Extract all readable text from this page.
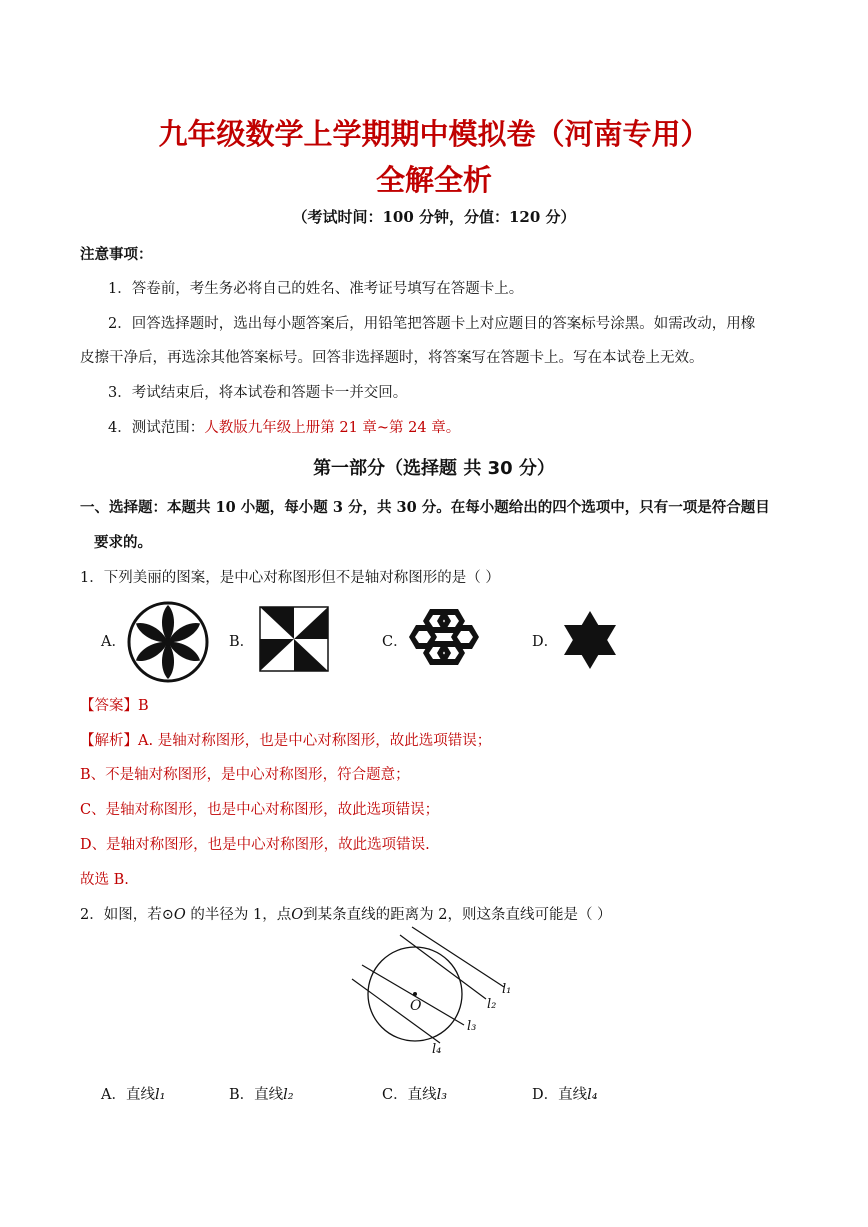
九年级数学上学期期中模拟卷（河南专用）
全解全析
（考试时间：100 分钟，分值：120 分）
注意事项：
1．答卷前，考生务必将自己的姓名、准考证号填写在答题卡上。
2．回答选择题时，选出每小题答案后，用铅笔把答题卡上对应题目的答案标号涂黑。如需改动，用橡
皮擦干净后，再选涂其他答案标号。回答非选择题时，将答案写在答题卡上。写在本试卷上无效。
3．考试结束后，将本试卷和答题卡一并交回。
4．测试范围：人教版九年级上册第 21 章~第 24 章。
第一部分（选择题 共 30 分）
一、选择题：本题共 10 小题，每小题 3 分，共 30 分。在每小题给出的四个选项中，只有一项是符合题目
要求的。
1．下列美丽的图案，是中心对称图形但不是轴对称图形的是（ ）
A．	B．	C．	D．
【答案】B
【解析】A. 是轴对称图形，也是中心对称图形，故此选项错误；
B、不是轴对称图形，是中心对称图形，符合题意；
C、是轴对称图形，也是中心对称图形，故此选项错误；
D、是轴对称图形，也是中心对称图形，故此选项错误.
故选 B.
2．如图，若⊙O 的半径为 1，点O到某条直线的距离为 2，则这条直线可能是（ ）
O
l₁
l₂
l₃
l₄
A．直线l₁	B．直线l₂	C．直线l₃	D．直线l₄
